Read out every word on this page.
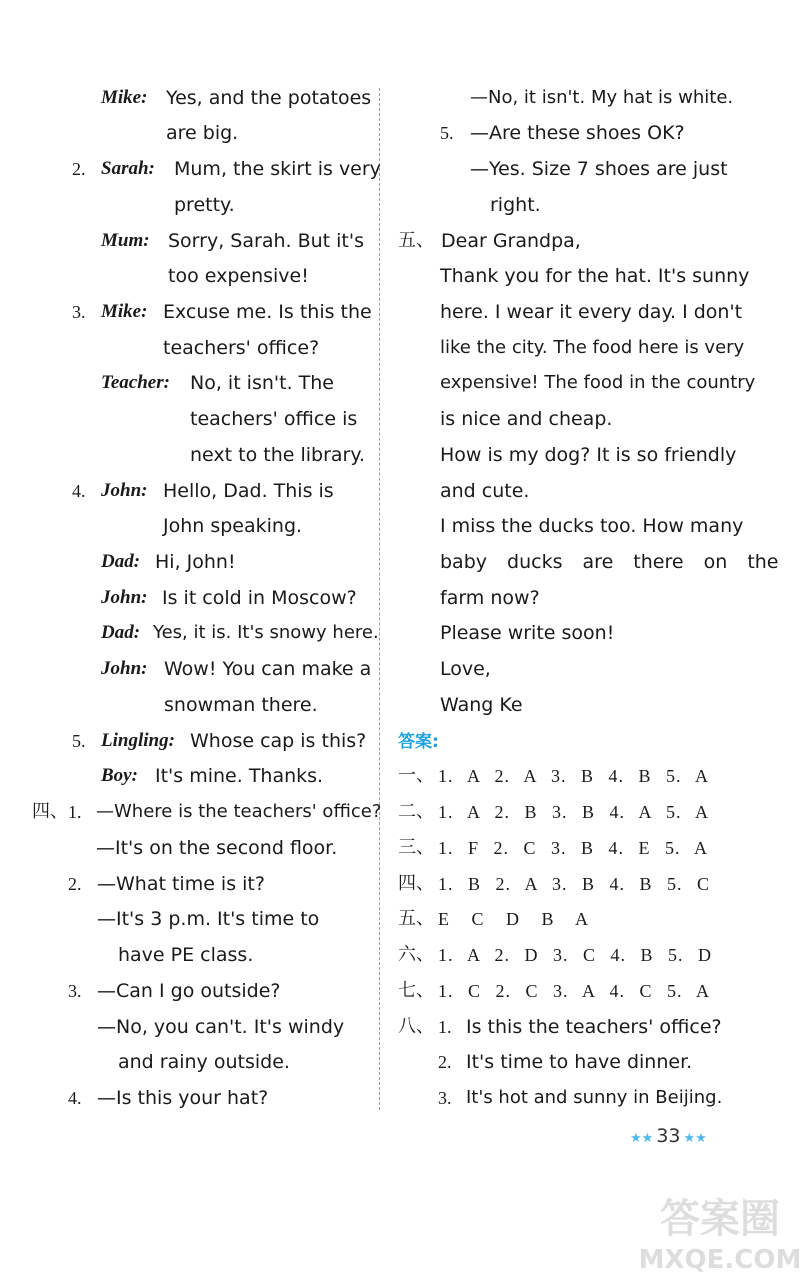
Mike: Yes, and the potatoes
are big.
2. Sarah: Mum, the skirt is very
pretty.
Mum: Sorry, Sarah. But it's
too expensive!
3. Mike: Excuse me. Is this the
teachers' office?
Teacher: No, it isn't. The
teachers' office is
next to the library.
4. John: Hello, Dad. This is
John speaking.
Dad: Hi, John!
John: Is it cold in Moscow?
Dad: Yes, it is. It's snowy here.
John: Wow! You can make a
snowman there.
5. Lingling: Whose cap is this?
Boy: It's mine. Thanks.
四、 1. —Where is the teachers' office?
—It's on the second floor.
2. —What time is it?
—It's 3 p.m. It's time to
have PE class.
3. —Can I go outside?
—No, you can't. It's windy
and rainy outside.
4. —Is this your hat?
—No, it isn't. My hat is white.
5. —Are these shoes OK?
—Yes. Size 7 shoes are just
right.
五、 Dear Grandpa,
Thank you for the hat. It's sunny
here. I wear it every day. I don't
like the city. The food here is very
expensive! The food in the country
is nice and cheap.
How is my dog? It is so friendly
and cute.
I miss the ducks too. How many
baby ducks are there on the
farm now?
Please write soon!
Love,
Wang Ke
答案:
一、 1. A 2. A 3. B 4. B 5. A
二、 1. A 2. B 3. B 4. A 5. A
三、 1. F 2. C 3. B 4. E 5. A
四、 1. B 2. A 3. B 4. B 5. C
五、 E C D B A
六、 1. A 2. D 3. C 4. B 5. D
七、 1. C 2. C 3. A 4. C 5. A
八、 1. Is this the teachers' office?
2. It's time to have dinner.
3. It's hot and sunny in Beijing.
★★ 33 ★★
答案圈
MXQE.COM
